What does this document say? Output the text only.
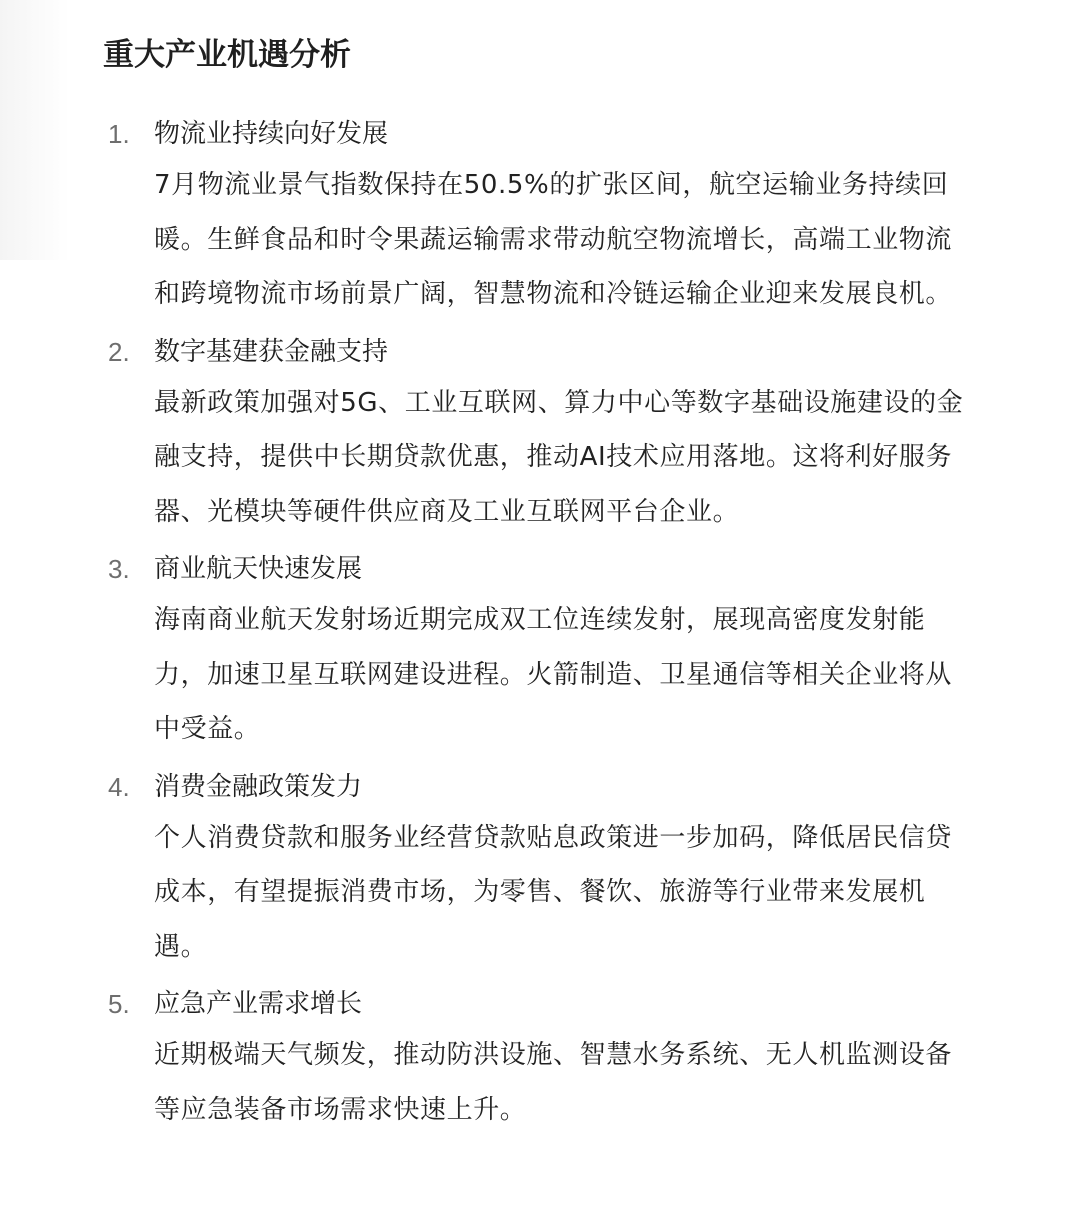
重大产业机遇分析
1. 物流业持续向好发展

7月物流业景气指数保持在50.5%的扩张区间，航空运输业务持续回
暖。生鲜食品和时令果蔬运输需求带动航空物流增长，高端工业物流
和跨境物流市场前景广阔，智慧物流和冷链运输企业迎来发展良机。

2. 数字基建获金融支持

最新政策加强对5G、工业互联网、算力中心等数字基础设施建设的金
融支持，提供中长期贷款优惠，推动AI技术应用落地。这将利好服务
器、光模块等硬件供应商及工业互联网平台企业。

3. 商业航天快速发展

海南商业航天发射场近期完成双工位连续发射，展现高密度发射能
力，加速卫星互联网建设进程。火箭制造、卫星通信等相关企业将从
中受益。

4. 消费金融政策发力

个人消费贷款和服务业经营贷款贴息政策进一步加码，降低居民信贷
成本，有望提振消费市场，为零售、餐饮、旅游等行业带来发展机
遇。

5. 应急产业需求增长

近期极端天气频发，推动防洪设施、智慧水务系统、无人机监测设备
等应急装备市场需求快速上升。
